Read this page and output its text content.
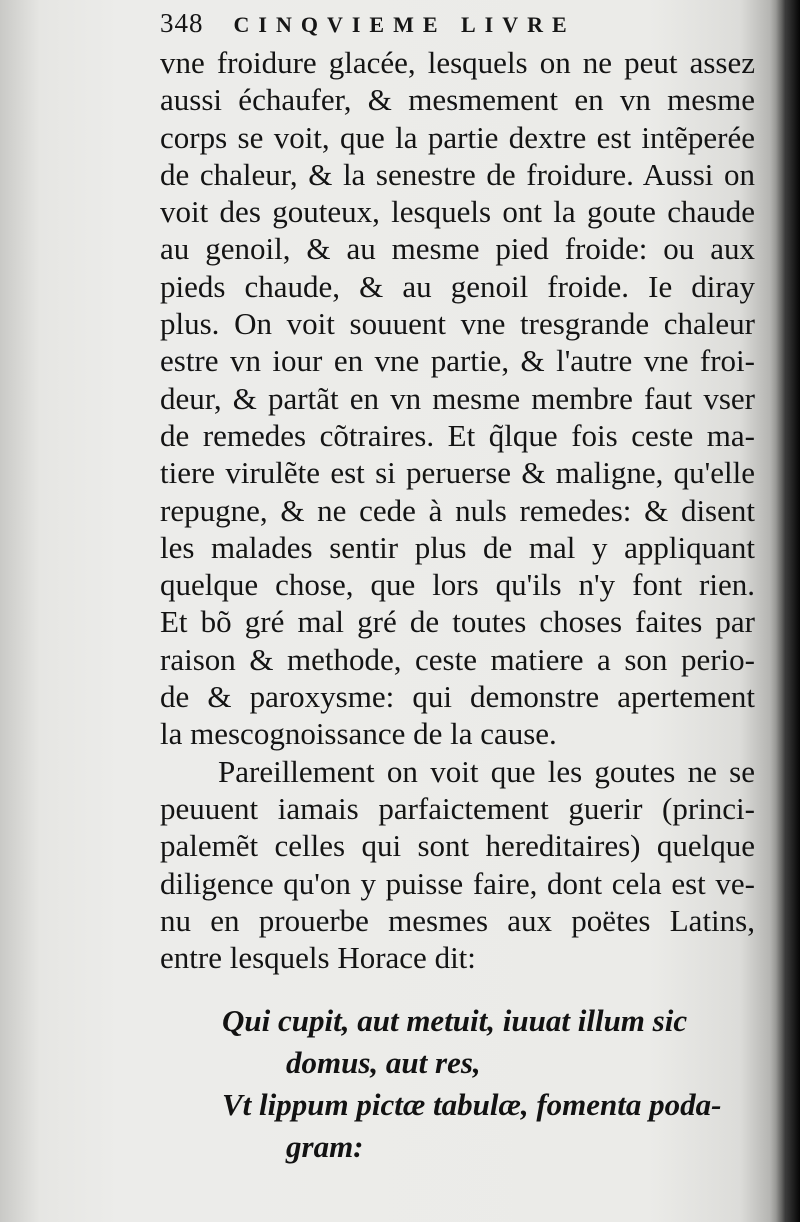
348 CINQVIEME LIVRE
vne froidure glacée, lesquels on ne peut assez
aussi échaufer, & mesmement en vn mesme
corps se voit, que la partie dextre est intẽperée
de chaleur, & la senestre de froidure. Aussi on
voit des gouteux, lesquels ont la goute chaude
au genoil, & au mesme pied froide: ou aux
pieds chaude, & au genoil froide. Ie diray
plus. On voit souuent vne tresgrande chaleur
estre vn iour en vne partie, & l'autre vne froi-
deur, & partãt en vn mesme membre faut vser
de remedes cõtraires. Et q̃lque fois ceste ma-
tiere virulẽte est si peruerse & maligne, qu'elle
repugne, & ne cede à nuls remedes: & disent
les malades sentir plus de mal y appliquant
quelque chose, que lors qu'ils n'y font rien.
Et bõ gré mal gré de toutes choses faites par
raison & methode, ceste matiere a son perio-
de & paroxysme: qui demonstre apertement
la mescognoissance de la cause.
Pareillement on voit que les goutes ne se
peuuent iamais parfaictement guerir (princi-
palemẽt celles qui sont hereditaires) quelque
diligence qu'on y puisse faire, dont cela est ve-
nu en prouerbe mesmes aux poëtes Latins,
entre lesquels Horace dit:
Qui cupit, aut metuit, iuuat illum sic
domus, aut res,
Vt lippum pictæ tabulæ, fomenta poda-
gram:
